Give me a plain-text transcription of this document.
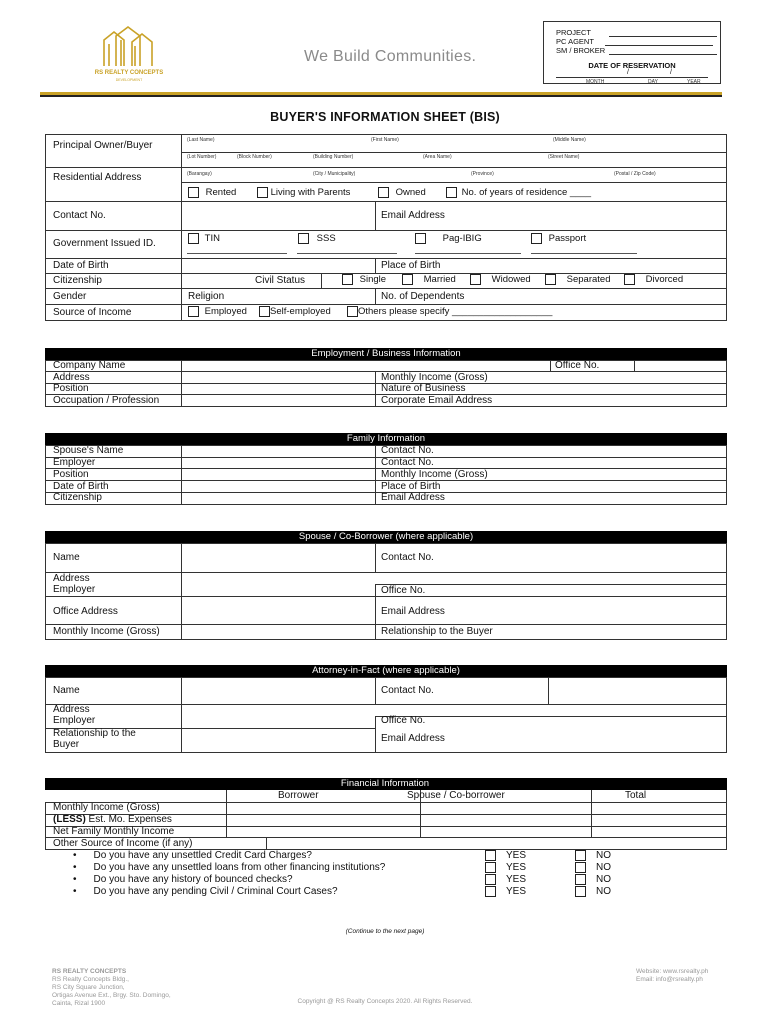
RS REALTY CONCEPTS
DEVELOPMENT
We Build Communities.
PROJECT
PC AGENT
SM / BROKER
DATE OF RESERVATION
/	/
MONTH	DAY	YEAR
BUYER'S INFORMATION SHEET (BIS)
Principal Owner/Buyer	(Last Name)	(First Name)	(Middle Name)
(Lot Number)	(Block Number)	(Building Number)	(Area Name)	(Street Name)
Residential Address	(Barangay)	(City / Municipality)	(Province)	(Postal / Zip Code)
Rented	Living with Parents	Owned	No. of years of residence ____
Contact No.	Email Address
Government Issued ID.	TIN	SSS	Pag-IBIG	Passport
Date of Birth	Place of Birth
Citizenship	Civil Status	Single	Married	Widowed	Separated	Divorced
Gender	Religion	No. of Dependents
Source of Income	Employed	Self-employed	Others please specify ___________________
Employment / Business Information
Company Name	Office No.
Address	Monthly Income (Gross)
Position	Nature of Business
Occupation / Profession	Corporate Email Address
Family Information
Spouse's Name	Contact No.
Employer	Contact No.
Position	Monthly Income (Gross)
Date of Birth	Place of Birth
Citizenship	Email Address
Spouse / Co-Borrower (where applicable)
Name	Contact No.
Address
Employer	Office No.
Office Address	Email Address
Monthly Income (Gross)	Relationship to the Buyer
Attorney-in-Fact (where applicable)
Name	Contact No.
Address
Employer	Office No.
Relationship to the
Buyer
Email Address
Financial Information
Borrower	Spouse / Co-borrower	Total
Monthly Income (Gross)
(LESS) Est. Mo. Expenses
Net Family Monthly Income
Other Source of Income (if any)
• Do you have any unsettled Credit Card Charges?
• Do you have any unsettled loans from other financing institutions?
• Do you have any history of bounced checks?
• Do you have any pending Civil / Criminal Court Cases?
YES
YES
YES
YES
NO
NO
NO
NO
(Continue to the next page)
RS REALTY CONCEPTS
RS Realty Concepts Bldg.,
RS City Square Junction,
Ortigas Avenue Ext., Brgy. Sto. Domingo,
Cainta, Rizal 1900
Website: www.rsrealty.ph
Email: info@rsrealty.ph
Copyright @ RS Realty Concepts 2020. All Rights Reserved.
